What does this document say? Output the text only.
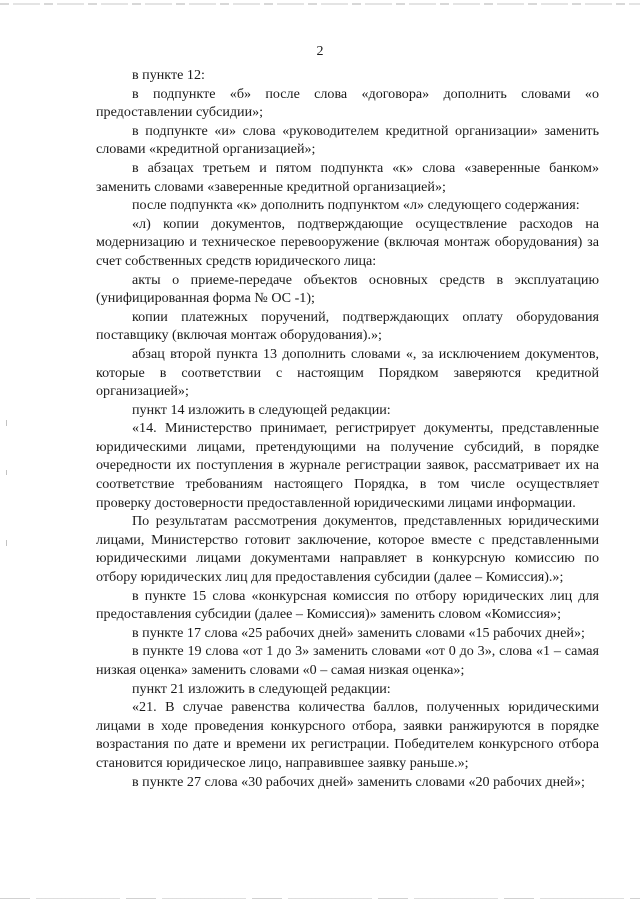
2

в пункте 12:

в подпункте «б» после слова «договора» дополнить словами «о предоставлении субсидии»;

в подпункте «и» слова «руководителем кредитной организации» заменить словами «кредитной организацией»;

в абзацах третьем и пятом подпункта «к» слова «заверенные банком» заменить словами «заверенные кредитной организацией»;

после подпункта «к» дополнить подпунктом «л» следующего содержания:

«л) копии документов, подтверждающие осуществление расходов на модернизацию и техническое перевооружение (включая монтаж оборудования) за счет собственных средств юридического лица:

акты о приеме-передаче объектов основных средств в эксплуатацию (унифицированная форма № ОС -1);

копии платежных поручений, подтверждающих оплату оборудования поставщику (включая монтаж оборудования).»;

абзац второй пункта 13 дополнить словами «, за исключением документов, которые в соответствии с настоящим Порядком заверяются кредитной организацией»;

пункт 14 изложить в следующей редакции:

«14. Министерство принимает, регистрирует документы, представленные юридическими лицами, претендующими на получение субсидий, в порядке очередности их поступления в журнале регистрации заявок, рассматривает их на соответствие требованиям настоящего Порядка, в том числе осуществляет проверку достоверности предоставленной юридическими лицами информации.

По результатам рассмотрения документов, представленных юридическими лицами, Министерство готовит заключение, которое вместе с представленными юридическими лицами документами направляет в конкурсную комиссию по отбору юридических лиц для предоставления субсидии (далее – Комиссия).»;

в пункте 15 слова «конкурсная комиссия по отбору юридических лиц для предоставления субсидии (далее – Комиссия)» заменить словом «Комиссия»;

в пункте 17 слова «25 рабочих дней» заменить словами «15 рабочих дней»;

в пункте 19 слова «от 1 до 3» заменить словами «от 0 до 3», слова «1 – самая низкая оценка» заменить словами «0 – самая низкая оценка»;

пункт 21 изложить в следующей редакции:

«21. В случае равенства количества баллов, полученных юридическими лицами в ходе проведения конкурсного отбора, заявки ранжируются в порядке возрастания по дате и времени их регистрации. Победителем конкурсного отбора становится юридическое лицо, направившее заявку раньше.»;

в пункте 27 слова «30 рабочих дней» заменить словами «20 рабочих дней»;
